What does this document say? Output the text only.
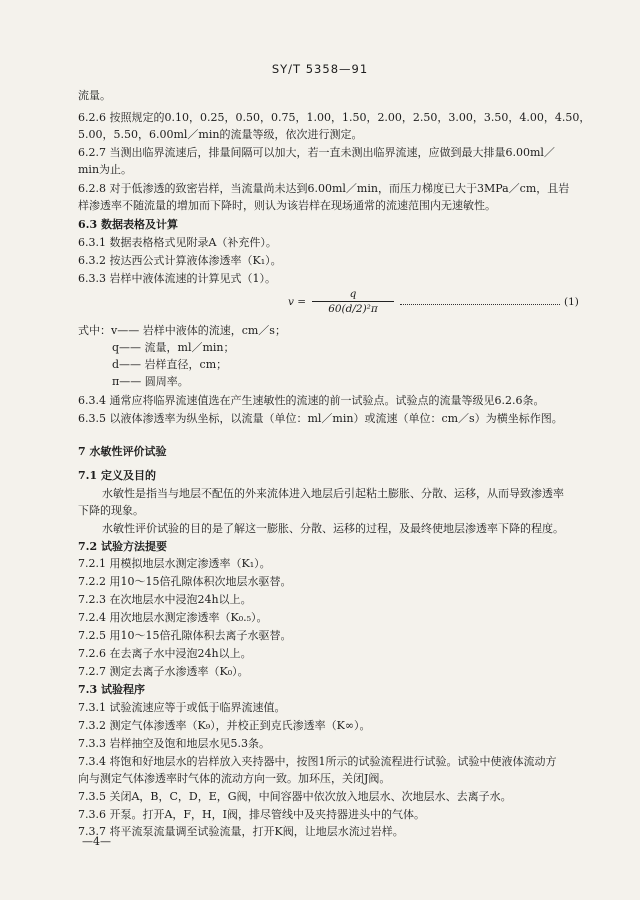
SY/T 5358—91
流量。
6.2.6 按照规定的0.10，0.25，0.50，0.75，1.00，1.50，2.00，2.50，3.00，3.50，4.00，4.50，
5.00，5.50，6.00ml／min的流量等级，依次进行测定。
6.2.7 当测出临界流速后，排量间隔可以加大，若一直未测出临界流速，应做到最大排量6.00ml／
min为止。
6.2.8 对于低渗透的致密岩样，当流量尚未达到6.00ml／min，而压力梯度已大于3MPa／cm，且岩
样渗透率不随流量的增加而下降时，则认为该岩样在现场通常的流速范围内无速敏性。
6.3 数据表格及计算
6.3.1 数据表格格式见附录A（补充件）。
6.3.2 按达西公式计算液体渗透率（K₁）。
6.3.3 岩样中液体流速的计算见式（1）。
$v = \frac{q}{\text{60(d/2)²π}}$	(1)
式中：v—— 岩样中液体的流速，cm／s；
q—— 流量，ml／min；
d—— 岩样直径，cm；
π—— 圆周率。
6.3.4 通常应将临界流速值选在产生速敏性的流速的前一试验点。试验点的流量等级见6.2.6条。
6.3.5 以液体渗透率为纵坐标，以流量（单位：ml／min）或流速（单位：cm／s）为横坐标作图。
7 水敏性评价试验
7.1 定义及目的
水敏性是指当与地层不配伍的外来流体进入地层后引起粘土膨胀、分散、运移，从而导致渗透率
下降的现象。
水敏性评价试验的目的是了解这一膨胀、分散、运移的过程，及最终使地层渗透率下降的程度。
7.2 试验方法提要
7.2.1 用模拟地层水测定渗透率（K₁）。
7.2.2 用10～15倍孔隙体积次地层水驱替。
7.2.3 在次地层水中浸泡24h以上。
7.2.4 用次地层水测定渗透率（K₀.₅）。
7.2.5 用10～15倍孔隙体积去离子水驱替。
7.2.6 在去离子水中浸泡24h以上。
7.2.7 测定去离子水渗透率（K₀）。
7.3 试验程序
7.3.1 试验流速应等于或低于临界流速值。
7.3.2 测定气体渗透率（K₉），并校正到克氏渗透率（K∞）。
7.3.3 岩样抽空及饱和地层水见5.3条。
7.3.4 将饱和好地层水的岩样放入夹持器中，按图1所示的试验流程进行试验。试验中使液体流动方
向与测定气体渗透率时气体的流动方向一致。加环压，关闭J阀。
7.3.5 关闭A，B，C，D，E，G阀，中间容器中依次放入地层水、次地层水、去离子水。
7.3.6 开泵。打开A，F，H，I阀，排尽管线中及夹持器进头中的气体。
7.3.7 将平流泵流量调至试验流量，打开K阀，让地层水流过岩样。
—4—
